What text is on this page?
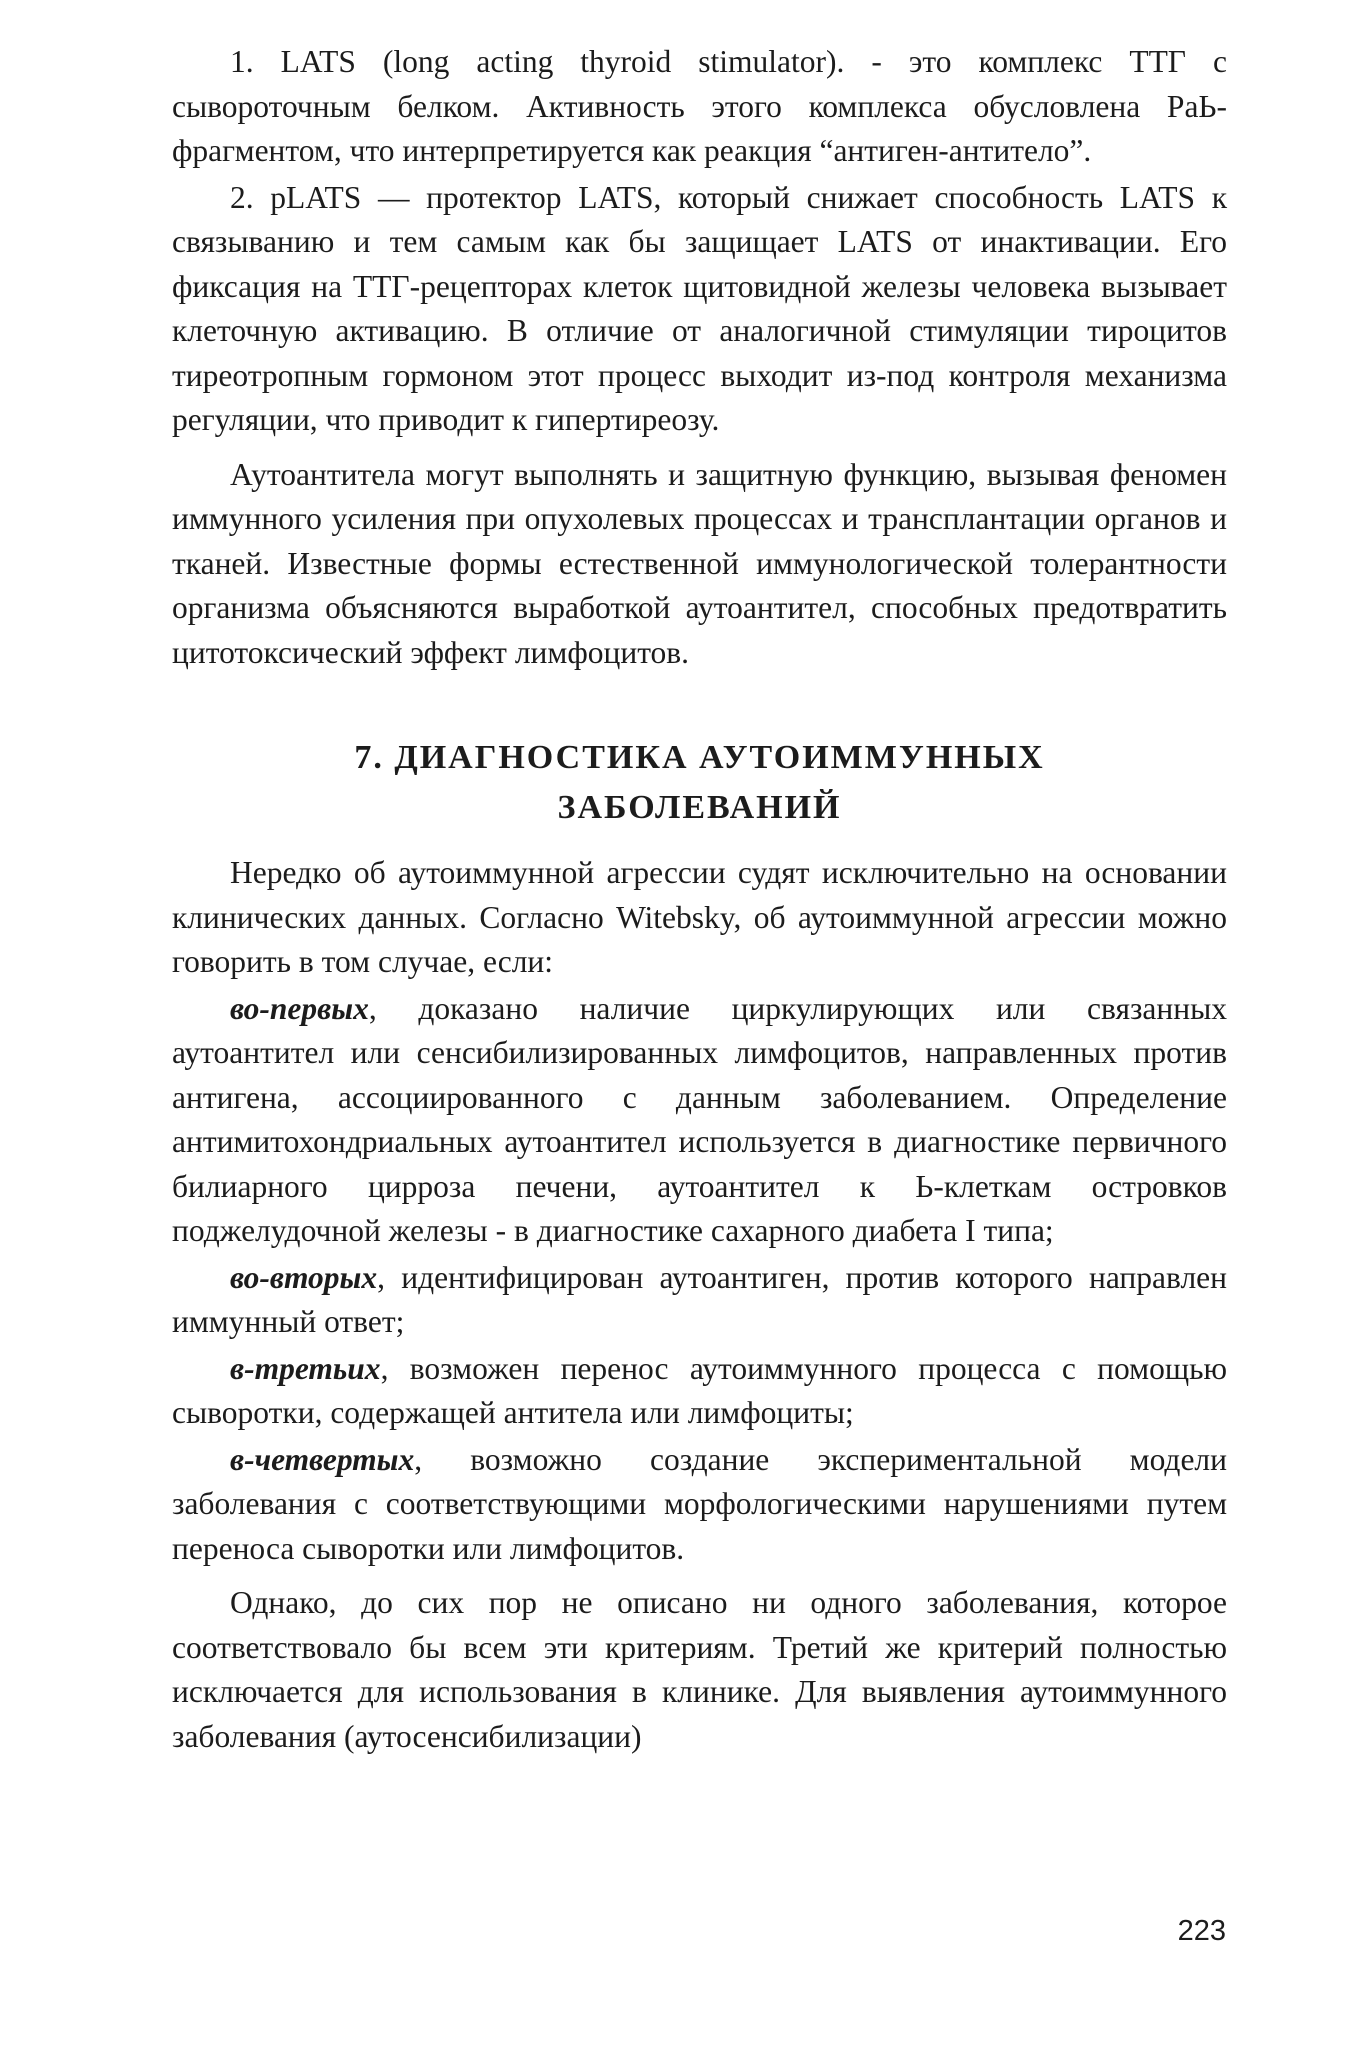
1. LATS (long acting thyroid stimulator). - это комплекс ТТГ с сывороточным белком. Активность этого комплекса обусловлена РаЬ-фрагментом, что интерпретируется как реакция “антиген-антитело”.

2. pLATS — протектор LATS, который снижает способность LATS к связыванию и тем самым как бы защищает LATS от инактивации. Его фиксация на ТТГ-рецепторах клеток щитовидной железы человека вызывает клеточную активацию. В отличие от аналогичной стимуляции тироцитов тиреотропным гормоном этот процесс выходит из-под контроля механизма регуляции, что приводит к гипертиреозу.

Аутоантитела могут выполнять и защитную функцию, вызывая феномен иммунного усиления при опухолевых процессах и трансплантации органов и тканей. Известные формы естественной иммунологической толерантности организма объясняются выработкой аутоантител, способных предотвратить цитотоксический эффект лимфоцитов.

7. ДИАГНОСТИКА АУТОИММУННЫХ
ЗАБОЛЕВАНИЙ

Нередко об аутоиммунной агрессии судят исключительно на основании клинических данных. Согласно Witebsky, об аутоиммунной агрессии можно говорить в том случае, если:

во-первых, доказано наличие циркулирующих или связанных аутоантител или сенсибилизированных лимфоцитов, направленных против антигена, ассоциированного с данным заболеванием. Определение антимитохондриальных аутоантител используется в диагностике первичного билиарного цирроза печени, аутоантител к Ь-клеткам островков поджелудочной железы - в диагностике сахарного диабета I типа;

во-вторых, идентифицирован аутоантиген, против которого направлен иммунный ответ;

в-третьих, возможен перенос аутоиммунного процесса с помощью сыворотки, содержащей антитела или лимфоциты;

в-четвертых, возможно создание экспериментальной модели заболевания с соответствующими морфологическими нарушениями путем переноса сыворотки или лимфоцитов.

Однако, до сих пор не описано ни одного заболевания, которое соответствовало бы всем эти критериям. Третий же критерий полностью исключается для использования в клинике. Для выявления аутоиммунного заболевания (аутосенсибилизации)

223
